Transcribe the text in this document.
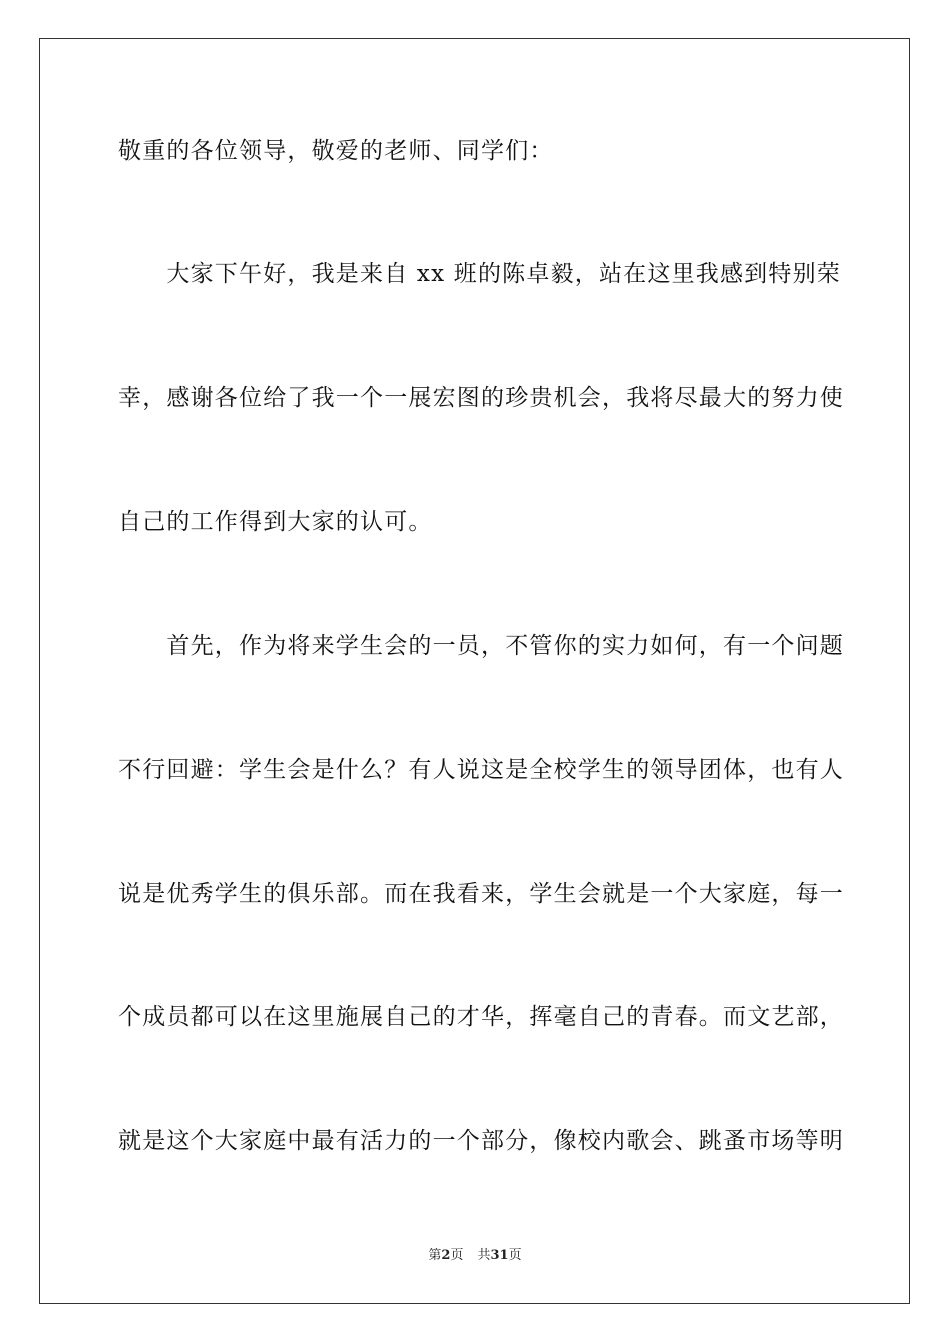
敬重的各位领导，敬爱的老师、同学们：
　　大家下午好，我是来自 xx 班的陈卓毅，站在这里我感到特别荣
幸，感谢各位给了我一个一展宏图的珍贵机会，我将尽最大的努力使
自己的工作得到大家的认可。
　　首先，作为将来学生会的一员，不管你的实力如何，有一个问题
不行回避：学生会是什么？有人说这是全校学生的领导团体，也有人
说是优秀学生的俱乐部。而在我看来，学生会就是一个大家庭，每一
个成员都可以在这里施展自己的才华，挥毫自己的青春。而文艺部，
就是这个大家庭中最有活力的一个部分，像校内歌会、跳蚤市场等明
第2页 共31页
